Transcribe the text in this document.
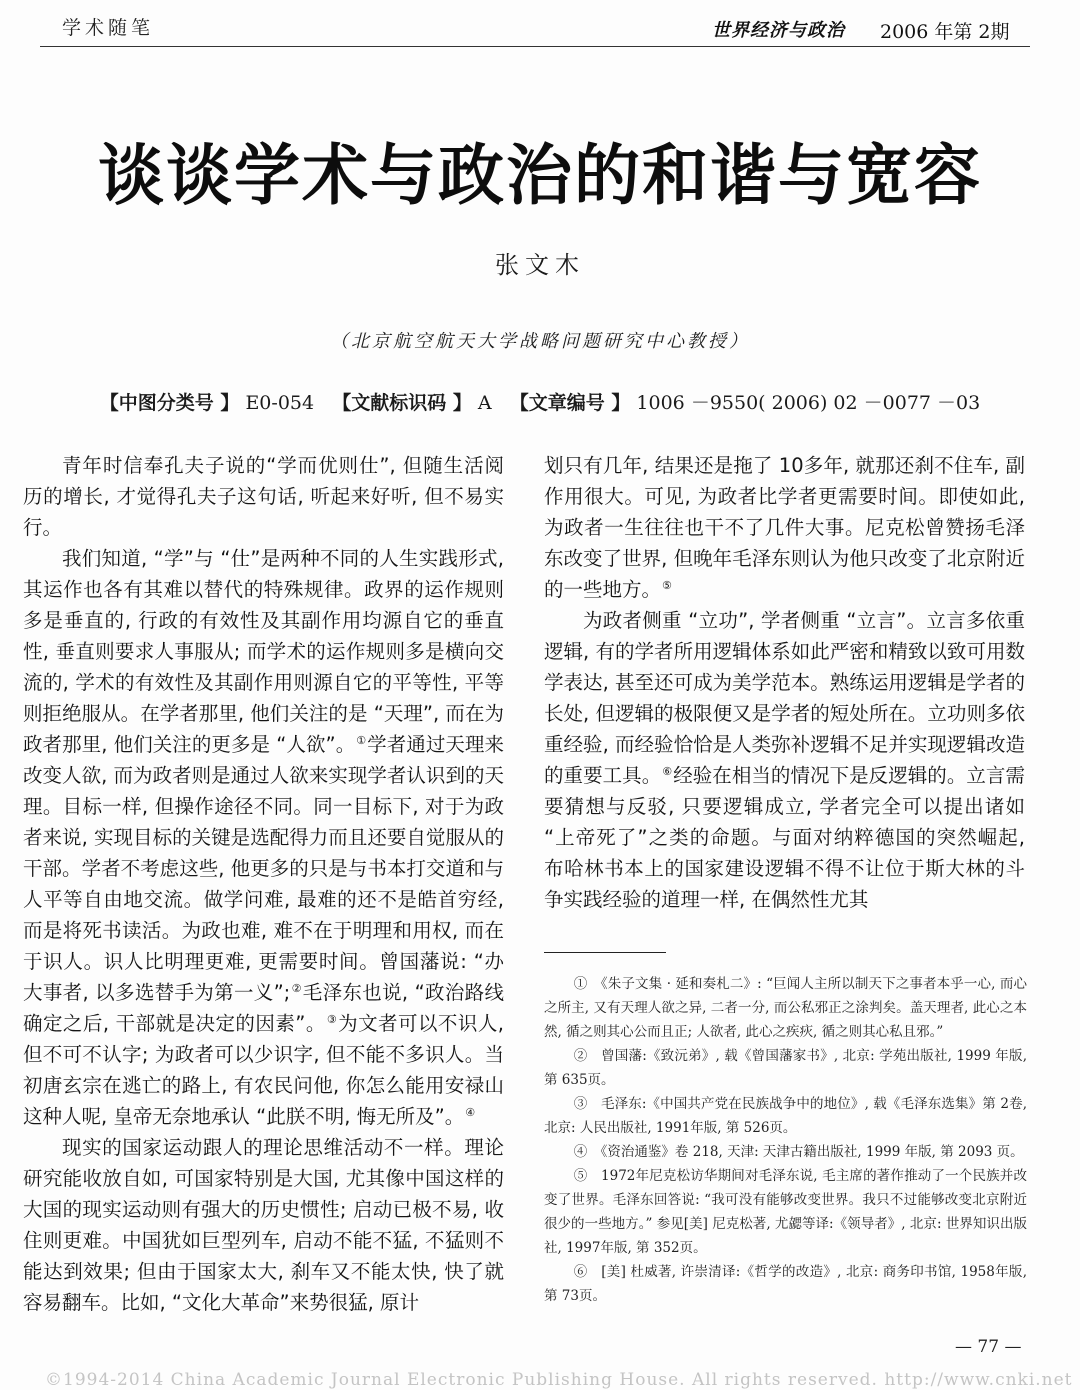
学术随笔	世界经济与政治 2006 年第 2期
谈谈学术与政治的和谐与宽容
张文木
（北京航空航天大学战略问题研究中心教授）
【中图分类号 】 E0-054 【文献标识码 】 A 【文章编号 】 1006 －9550( 2006) 02 －0077 －03

青年时信奉孔夫子说的“学而优则仕”, 但随生活阅历的增长, 才觉得孔夫子这句话, 听起来好听, 但不易实行。

我们知道, “学”与 “仕”是两种不同的人生实践形式, 其运作也各有其难以替代的特殊规律。政界的运作规则多是垂直的, 行政的有效性及其副作用均源自它的垂直性, 垂直则要求人事服从; 而学术的运作规则多是横向交流的, 学术的有效性及其副作用则源自它的平等性, 平等则拒绝服从。在学者那里, 他们关注的是 “天理”, 而在为政者那里, 他们关注的更多是 “人欲”。①学者通过天理来改变人欲, 而为政者则是通过人欲来实现学者认识到的天理。目标一样, 但操作途径不同。同一目标下, 对于为政者来说, 实现目标的关键是选配得力而且还要自觉服从的干部。学者不考虑这些, 他更多的只是与书本打交道和与人平等自由地交流。做学问难, 最难的还不是皓首穷经, 而是将死书读活。为政也难, 难不在于明理和用权, 而在于识人。识人比明理更难, 更需要时间。曾国藩说: “办大事者, 以多选替手为第一义”;②毛泽东也说, “政治路线确定之后, 干部就是决定的因素”。③为文者可以不识人, 但不可不认字; 为政者可以少识字, 但不能不多识人。当初唐玄宗在逃亡的路上, 有农民问他, 你怎么能用安禄山这种人呢, 皇帝无奈地承认 “此朕不明, 悔无所及”。④

现实的国家运动跟人的理论思维活动不一样。理论研究能收放自如, 可国家特别是大国, 尤其像中国这样的大国的现实运动则有强大的历史惯性; 启动已极不易, 收住则更难。中国犹如巨型列车, 启动不能不猛, 不猛则不能达到效果; 但由于国家太大, 刹车又不能太快, 快了就容易翻车。比如, “文化大革命”来势很猛, 原计

划只有几年, 结果还是拖了 10多年, 就那还刹不住车, 副作用很大。可见, 为政者比学者更需要时间。即使如此, 为政者一生往往也干不了几件大事。尼克松曾赞扬毛泽东改变了世界, 但晚年毛泽东则认为他只改变了北京附近的一些地方。⑤

为政者侧重 “立功”, 学者侧重 “立言”。立言多依重逻辑, 有的学者所用逻辑体系如此严密和精致以致可用数学表达, 甚至还可成为美学范本。熟练运用逻辑是学者的长处, 但逻辑的极限便又是学者的短处所在。立功则多依重经验, 而经验恰恰是人类弥补逻辑不足并实现逻辑改造的重要工具。⑥经验在相当的情况下是反逻辑的。立言需要猜想与反驳, 只要逻辑成立, 学者完全可以提出诸如 “上帝死了”之类的命题。与面对纳粹德国的突然崛起, 布哈林书本上的国家建设逻辑不得不让位于斯大林的斗争实践经验的道理一样, 在偶然性尤其

①　《朱子文集 · 延和奏札二》: “巨闻人主所以制天下之事者本乎一心, 而心之所主, 又有天理人欲之异, 二者一分, 而公私邪正之涂判矣。盖天理者, 此心之本然, 循之则其心公而且正; 人欲者, 此心之疾疢, 循之则其心私且邪。”

②　曾国藩:《致沅弟》, 载《曾国藩家书》, 北京: 学苑出版社, 1999 年版, 第 635页。

③　毛泽东:《中国共产党在民族战争中的地位》, 载《毛泽东选集》第 2卷, 北京: 人民出版社, 1991年版, 第 526页。

④　《资治通鉴》卷 218, 天津: 天津古籍出版社, 1999 年版, 第 2093 页。

⑤　1972年尼克松访华期间对毛泽东说, 毛主席的著作推动了一个民族并改变了世界。毛泽东回答说: “我可没有能够改变世界。我只不过能够改变北京附近很少的一些地方。” 参见[美] 尼克松著, 尤勰等译:《领导者》, 北京: 世界知识出版社, 1997年版, 第 352页。

⑥　[美] 杜威著, 许崇清译:《哲学的改造》, 北京: 商务印书馆, 1958年版, 第 73页。

— 77 —
©1994-2014 China Academic Journal Electronic Publishing House. All rights reserved. http://www.cnki.net
